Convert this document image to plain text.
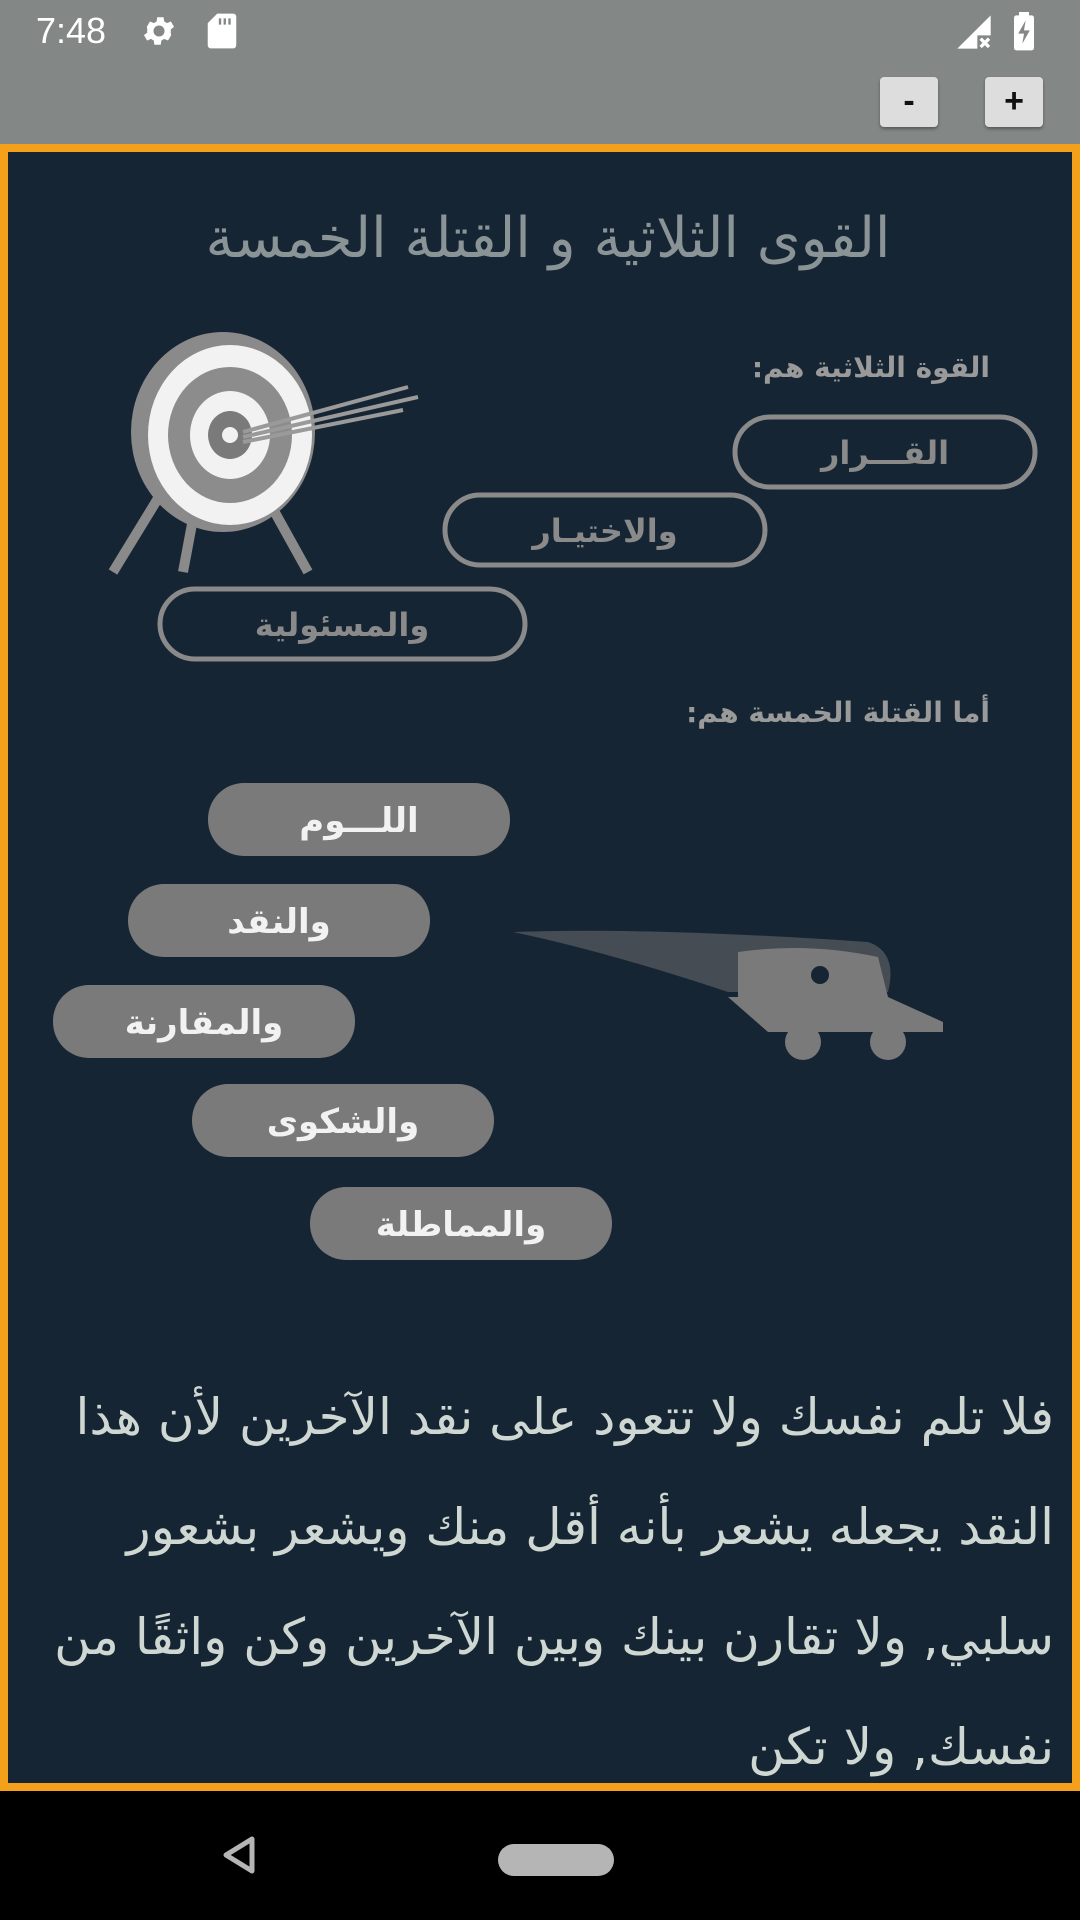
7:48
-	+
القوى الثلاثية و القتلة الخمسة
القوة الثلاثية هم:
القـــرار
والاختيـار
والمسئولية
أما القتلة الخمسة هم:
اللـــوم
والنقد
والمقارنة
والشكوى
والمماطلة
فلا تلم نفسك ولا تتعود على نقد الآخرين لأن هذا النقد يجعله يشعر بأنه أقل منك ويشعر بشعور سلبي, ولا تقارن بينك وبين الآخرين وكن واثقًا من نفسك, ولا تكن
